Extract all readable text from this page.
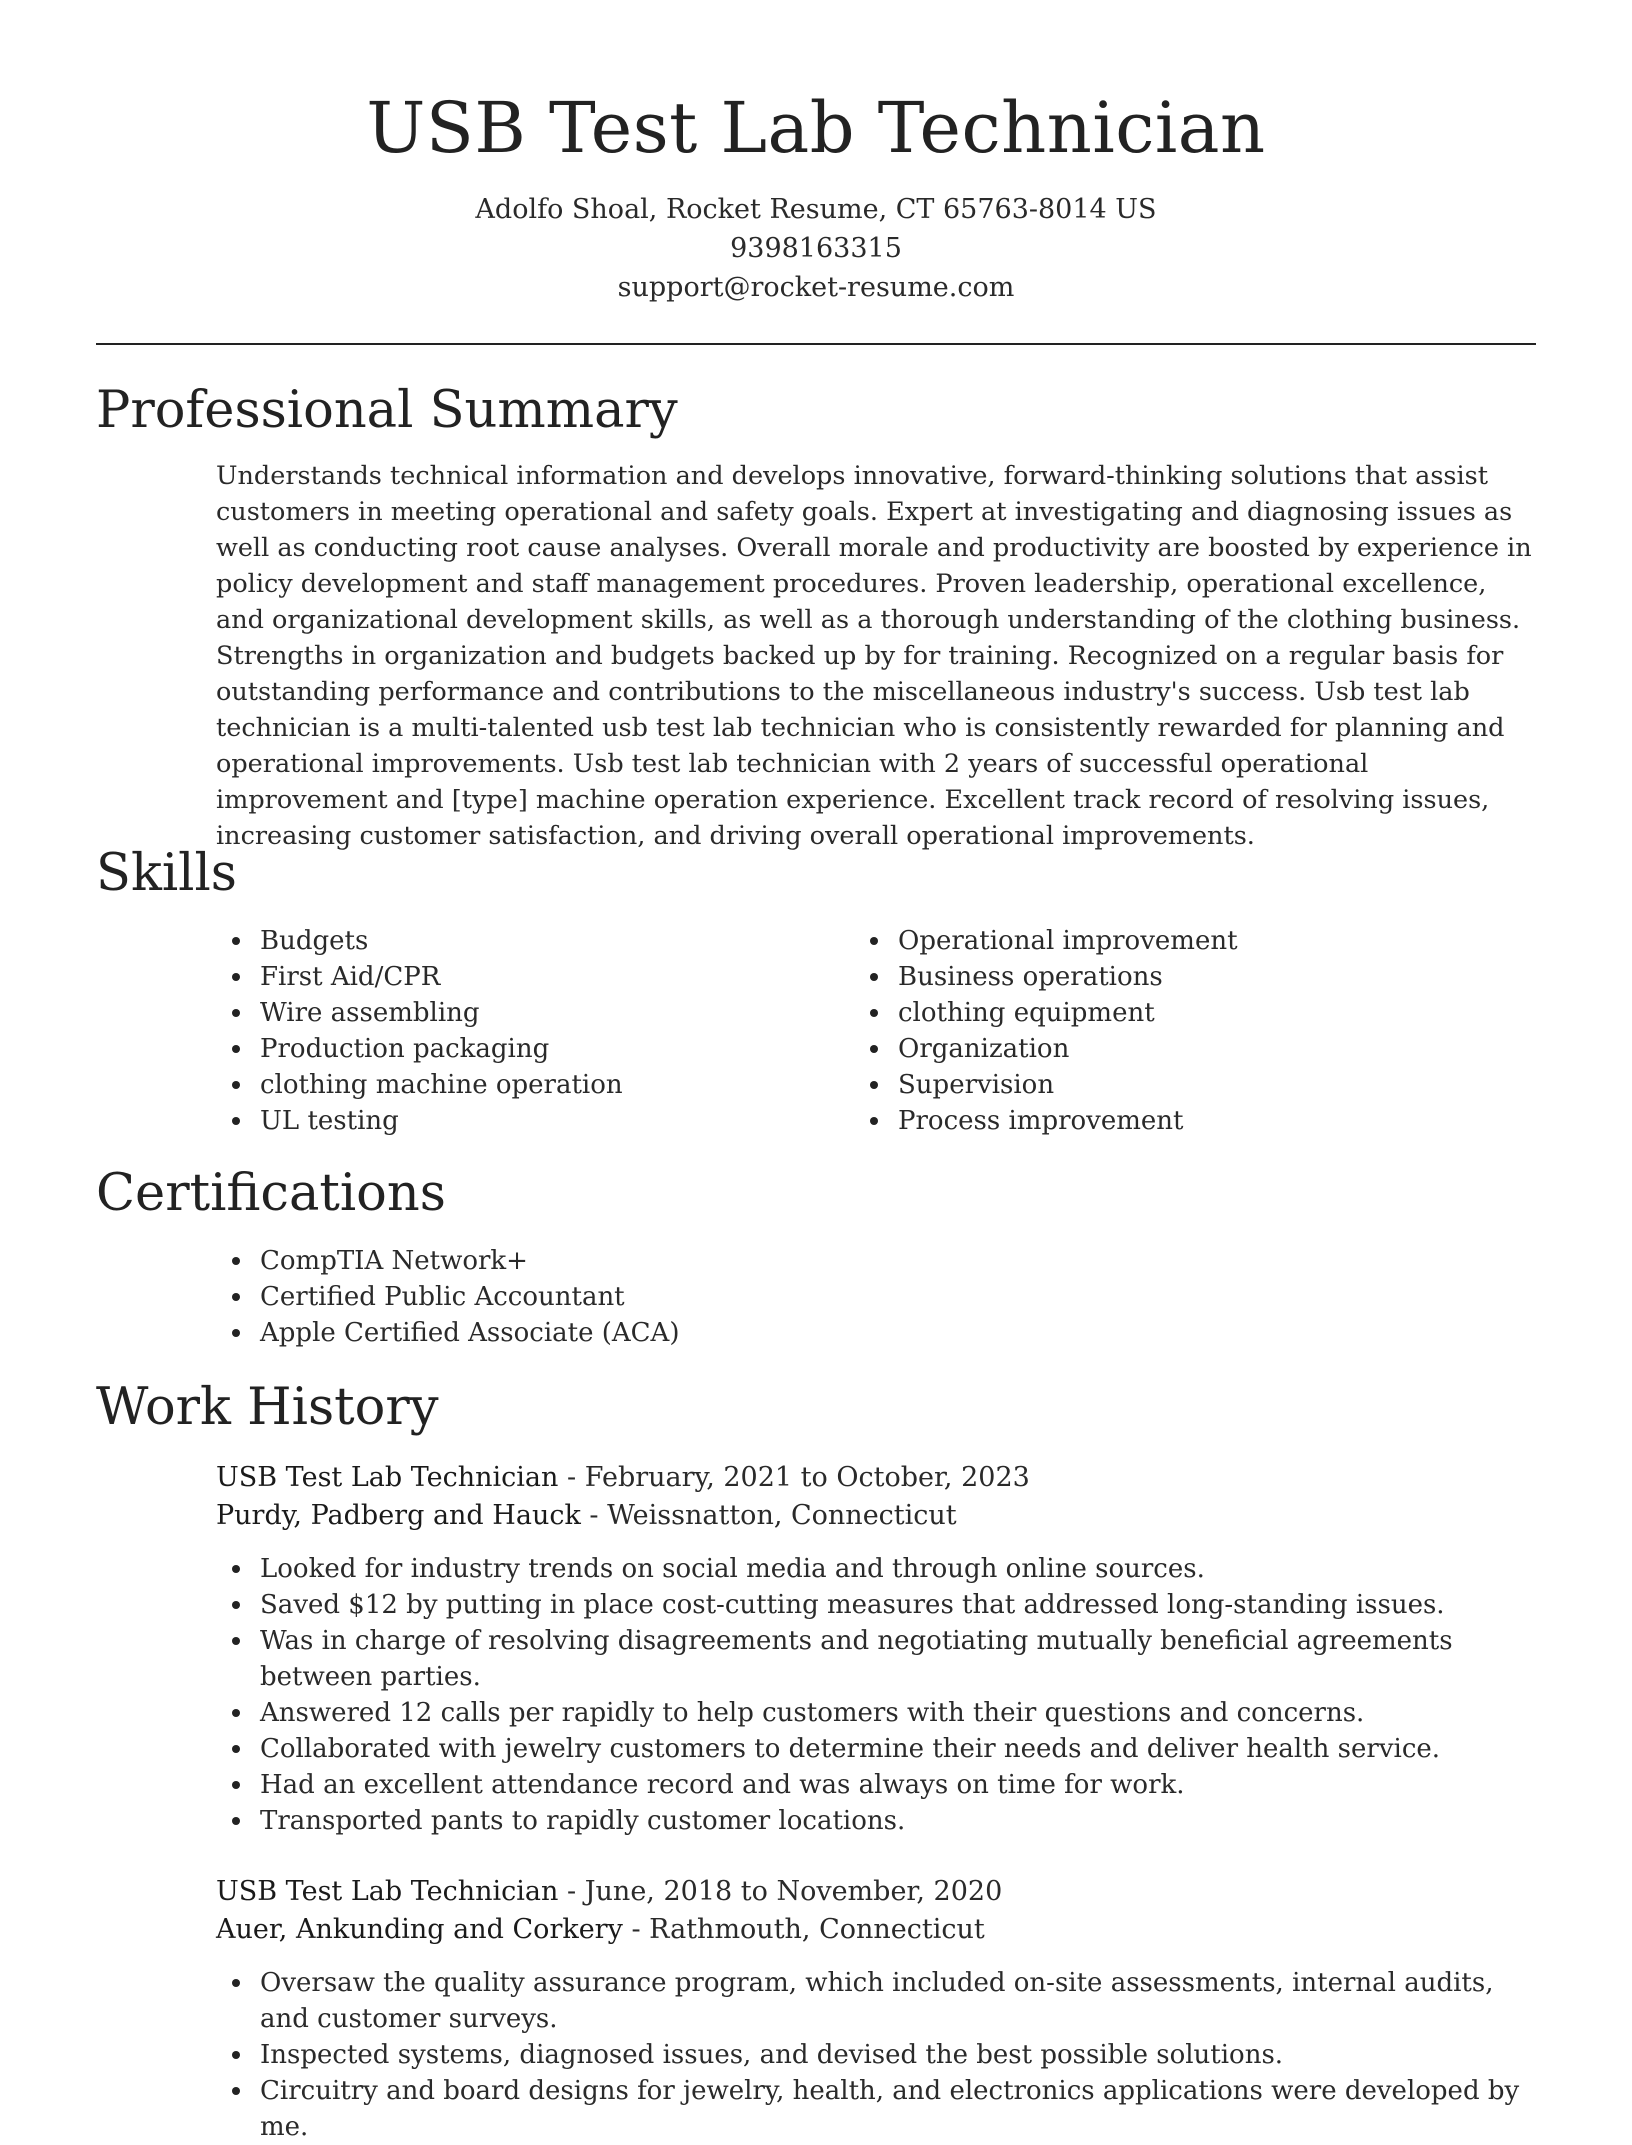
USB Test Lab Technician
Adolfo Shoal, Rocket Resume, CT 65763-8014 US
9398163315
support@rocket-resume.com
Professional Summary

Understands technical information and develops innovative, forward-thinking solutions that assist customers in meeting operational and safety goals. Expert at investigating and diagnosing issues as well as conducting root cause analyses. Overall morale and productivity are boosted by experience in policy development and staff management procedures. Proven leadership, operational excellence, and organizational development skills, as well as a thorough understanding of the clothing business. Strengths in organization and budgets backed up by for training. Recognized on a regular basis for outstanding performance and contributions to the miscellaneous industry's success. Usb test lab technician is a multi-talented usb test lab technician who is consistently rewarded for planning and operational improvements. Usb test lab technician with 2 years of successful operational improvement and [type] machine operation experience. Excellent track record of resolving issues, increasing customer satisfaction, and driving overall operational improvements.

Skills
Budgets
First Aid/CPR
Wire assembling
Production packaging
clothing machine operation
UL testing
Operational improvement
Business operations
clothing equipment
Organization
Supervision
Process improvement
Certifications
CompTIA Network+
Certified Public Accountant
Apple Certified Associate (ACA)
Work History
USB Test Lab Technician - February, 2021 to October, 2023
Purdy, Padberg and Hauck - Weissnatton, Connecticut
Looked for industry trends on social media and through online sources.
Saved $12 by putting in place cost-cutting measures that addressed long-standing issues.
Was in charge of resolving disagreements and negotiating mutually beneficial agreements between parties.
Answered 12 calls per rapidly to help customers with their questions and concerns.
Collaborated with jewelry customers to determine their needs and deliver health service.
Had an excellent attendance record and was always on time for work.
Transported pants to rapidly customer locations.
USB Test Lab Technician - June, 2018 to November, 2020
Auer, Ankunding and Corkery - Rathmouth, Connecticut
Oversaw the quality assurance program, which included on-site assessments, internal audits, and customer surveys.
Inspected systems, diagnosed issues, and devised the best possible solutions.
Circuitry and board designs for jewelry, health, and electronics applications were developed by me.
